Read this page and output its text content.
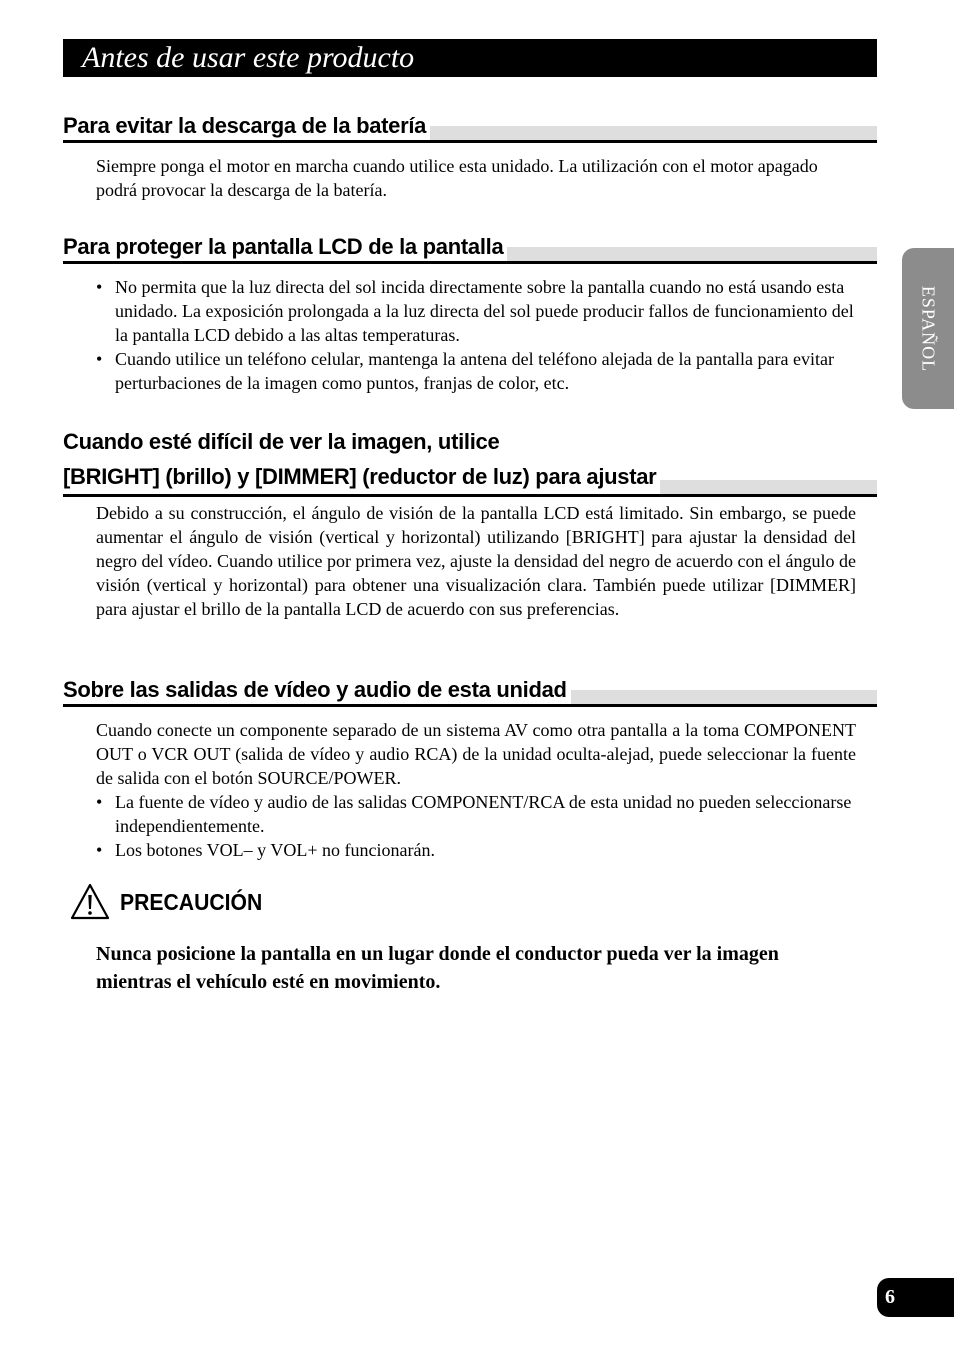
Antes de usar este producto
ESPAÑOL
Para evitar la descarga de la batería

Siempre ponga el motor en marcha cuando utilice esta unidado. La utilización con el motor apagado podrá provocar la descarga de la batería.

Para proteger la pantalla LCD de la pantalla
• No permita que la luz directa del sol incida directamente sobre la pantalla cuando no está usando esta unidado. La exposición prolongada a la luz directa del sol puede producir fallos de funcionamiento del la pantalla LCD debido a las altas temperaturas.
• Cuando utilice un teléfono celular, mantenga la antena del teléfono alejada de la pantalla para evitar perturbaciones de la imagen como puntos, franjas de color, etc.
Cuando esté difícil de ver la imagen, utilice
[BRIGHT] (brillo) y [DIMMER] (reductor de luz) para ajustar

Debido a su construcción, el ángulo de visión de la pantalla LCD está limitado. Sin embargo, se puede aumentar el ángulo de visión (vertical y horizontal) utilizando [BRIGHT] para ajustar la densidad del negro del vídeo. Cuando utilice por primera vez, ajuste la densidad del negro de acuerdo con el ángulo de visión (vertical y horizontal) para obtener una visualización clara. También puede utilizar [DIMMER] para ajustar el brillo de la pantalla LCD de acuerdo con sus preferencias.

Sobre las salidas de vídeo y audio de esta unidad

Cuando conecte un componente separado de un sistema AV como otra pantalla a la toma COMPONENT OUT o VCR OUT (salida de vídeo y audio RCA) de la unidad oculta-alejad, puede seleccionar la fuente de salida con el botón SOURCE/POWER.

• La fuente de vídeo y audio de las salidas COMPONENT/RCA de esta unidad no pueden seleccionarse independientemente.
• Los botones VOL– y VOL+ no funcionarán.
PRECAUCIÓN

Nunca posicione la pantalla en un lugar donde el conductor pueda ver la imagen mientras el vehículo esté en movimiento.

6
